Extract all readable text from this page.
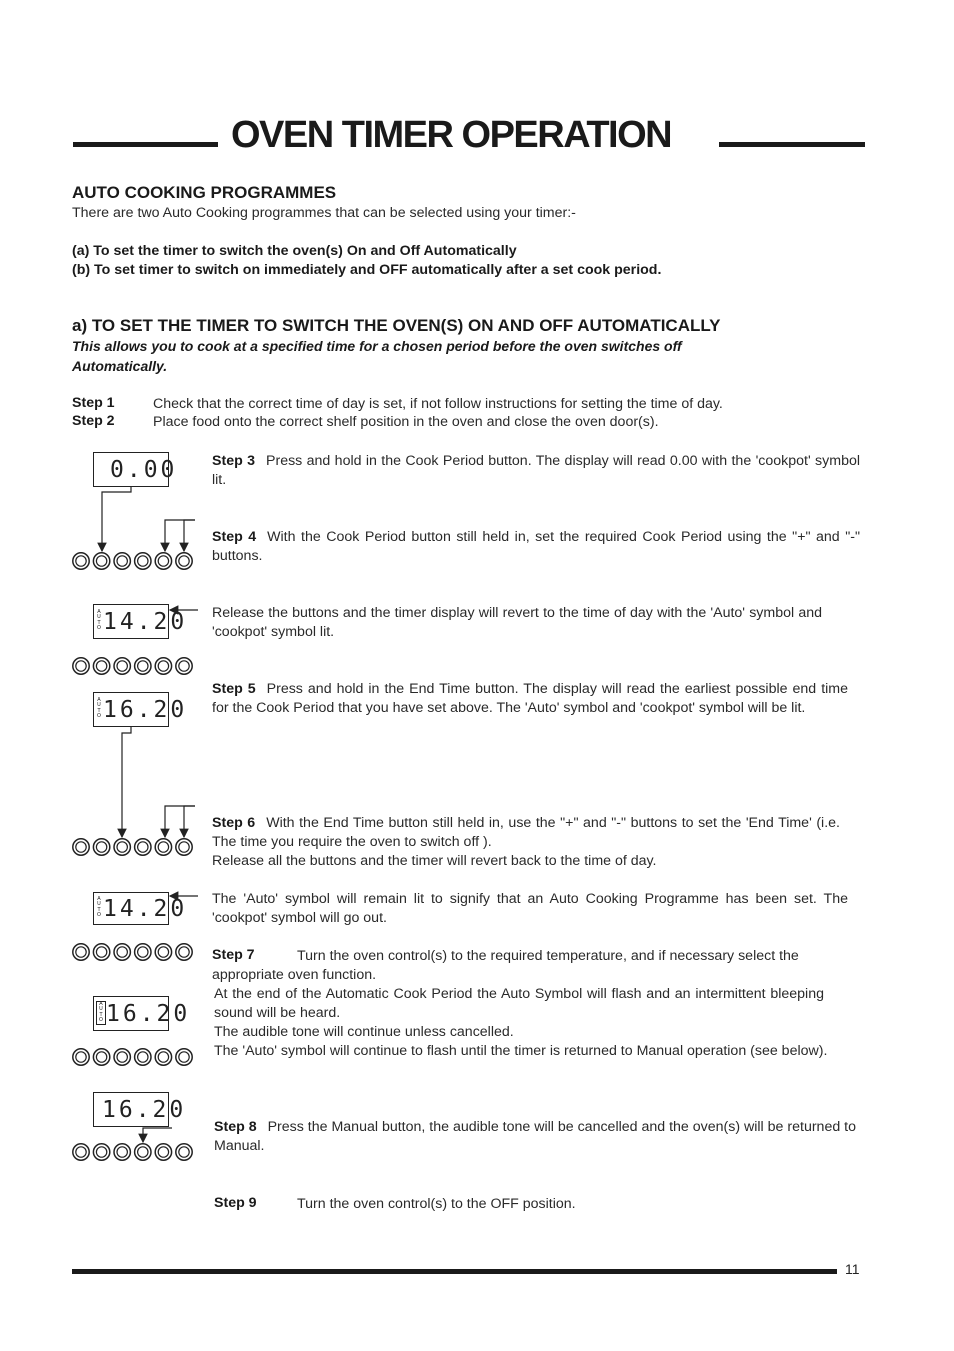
OVEN TIMER OPERATION
AUTO COOKING PROGRAMMES
There are two Auto Cooking programmes that can be selected using your timer:-
(a) To set the timer to switch the oven(s) On and Off Automatically
(b) To set timer to switch on immediately and OFF automatically after a set cook period.
a) TO SET THE TIMER TO SWITCH THE OVEN(S) ON AND OFF AUTOMATICALLY
This allows you to cook at a specified time for a chosen period before the oven switches off Automatically.
Step 1	Check that the correct time of day is set, if not follow instructions for setting the time of day.
Step 2	Place food onto the correct shelf position in the oven and close the oven door(s).
Step 3 Press and hold in the Cook Period button. The display will read 0.00 with the 'cookpot' symbol lit.
Step 4 With the Cook Period button still held in, set the required Cook Period using the "+" and "-" buttons.
Release the buttons and the timer display will revert to the time of day with the 'Auto' symbol and 'cookpot' symbol lit.
Step 5 Press and hold in the End Time button. The display will read the earliest possible end time for the Cook Period that you have set above. The 'Auto' symbol and 'cookpot' symbol will be lit.
Step 6 With the End Time button still held in, use the "+" and "-" buttons to set the 'End Time' (i.e. The time you require the oven to switch off ).
Release all the buttons and the timer will revert back to the time of day.
The 'Auto' symbol will remain lit to signify that an Auto Cooking Programme has been set. The 'cookpot' symbol will go out.
Step 7	Turn the oven control(s) to the required temperature, and if necessary select the appropriate oven function.
At the end of the Automatic Cook Period the Auto Symbol will flash and an intermittent bleeping sound will be heard.
The audible tone will continue unless cancelled.
The 'Auto' symbol will continue to flash until the timer is returned to Manual operation (see below).
Step 8 Press the Manual button, the audible tone will be cancelled and the oven(s) will be returned to Manual.
Step 9	Turn the oven control(s) to the OFF position.
0.00
A
U
T
O 14.20
A
U
T
O 16.20
A
U
T
O 14.20
A
U
T
O 16.20
16.20
11
